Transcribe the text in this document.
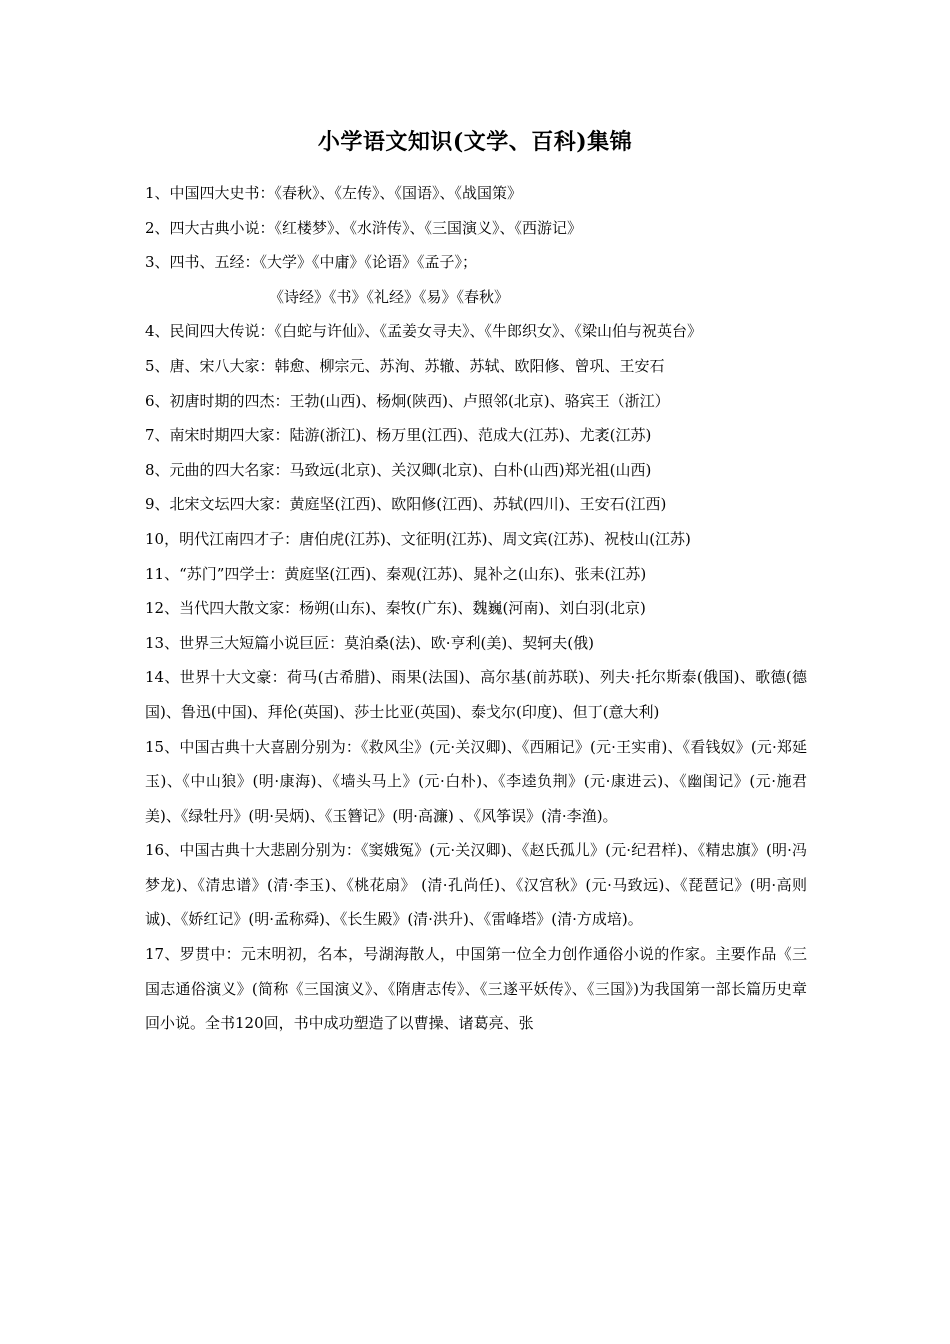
小学语文知识(文学、百科)集锦

1、中国四大史书：《春秋》、《左传》、《国语》、《战国策》

2、四大古典小说：《红楼梦》、《水浒传》、《三国演义》、《西游记》

3、四书、五经：《大学》《中庸》《论语》《孟子》；

《诗经》《书》《礼经》《易》《春秋》

4、民间四大传说：《白蛇与许仙》、《孟姜女寻夫》、《牛郎织女》、《梁山伯与祝英台》

5、唐、宋八大家：韩愈、柳宗元、苏洵、苏辙、苏轼、欧阳修、曾巩、王安石

6、初唐时期的四杰：王勃(山西)、杨炯(陕西)、卢照邻(北京)、骆宾王（浙江）

7、南宋时期四大家：陆游(浙江)、杨万里(江西)、范成大(江苏)、尤袤(江苏)

8、元曲的四大名家：马致远(北京)、关汉卿(北京)、白朴(山西)郑光祖(山西)

9、北宋文坛四大家：黄庭坚(江西)、欧阳修(江西)、苏轼(四川)、王安石(江西)

10，明代江南四才子：唐伯虎(江苏)、文征明(江苏)、周文宾(江苏)、祝枝山(江苏)

11、“苏门”四学士：黄庭坚(江西)、秦观(江苏)、晁补之(山东)、张耒(江苏)

12、当代四大散文家：杨朔(山东)、秦牧(广东)、魏巍(河南)、刘白羽(北京)

13、世界三大短篇小说巨匠：莫泊桑(法)、欧·亨利(美)、契轲夫(俄)

14、世界十大文豪：荷马(古希腊)、雨果(法国)、高尔基(前苏联)、列夫·托尔斯泰(俄国)、歌德(德国)、鲁迅(中国)、拜伦(英国)、莎士比亚(英国)、泰戈尔(印度)、但丁(意大利)

15、中国古典十大喜剧分别为：《救风尘》(元·关汉卿)、《西厢记》(元·王实甫)、《看钱奴》(元·郑延玉)、《中山狼》(明·康海)、《墙头马上》(元·白朴)、《李逵负荆》(元·康进云)、《幽闺记》(元·施君美)、《绿牡丹》(明·吴炳)、《玉簪记》(明·高濂) 、《风筝误》(清·李渔)。

16、中国古典十大悲剧分别为：《窦娥冤》(元·关汉卿)、《赵氏孤儿》(元·纪君样)、《精忠旗》(明·冯梦龙)、《清忠谱》(清·李玉)、《桃花扇》 (清·孔尚任)、《汉宫秋》(元·马致远)、《琵琶记》(明·高则诚)、《娇红记》(明·孟称舜)、《长生殿》(清·洪升)、《雷峰塔》(清·方成培)。

17、罗贯中：元末明初，名本，号湖海散人，中国第一位全力创作通俗小说的作家。主要作品《三国志通俗演义》(简称《三国演义》、《隋唐志传》、《三遂平妖传》、《三国》)为我国第一部长篇历史章回小说。全书120回，书中成功塑造了以曹操、诸葛亮、张
